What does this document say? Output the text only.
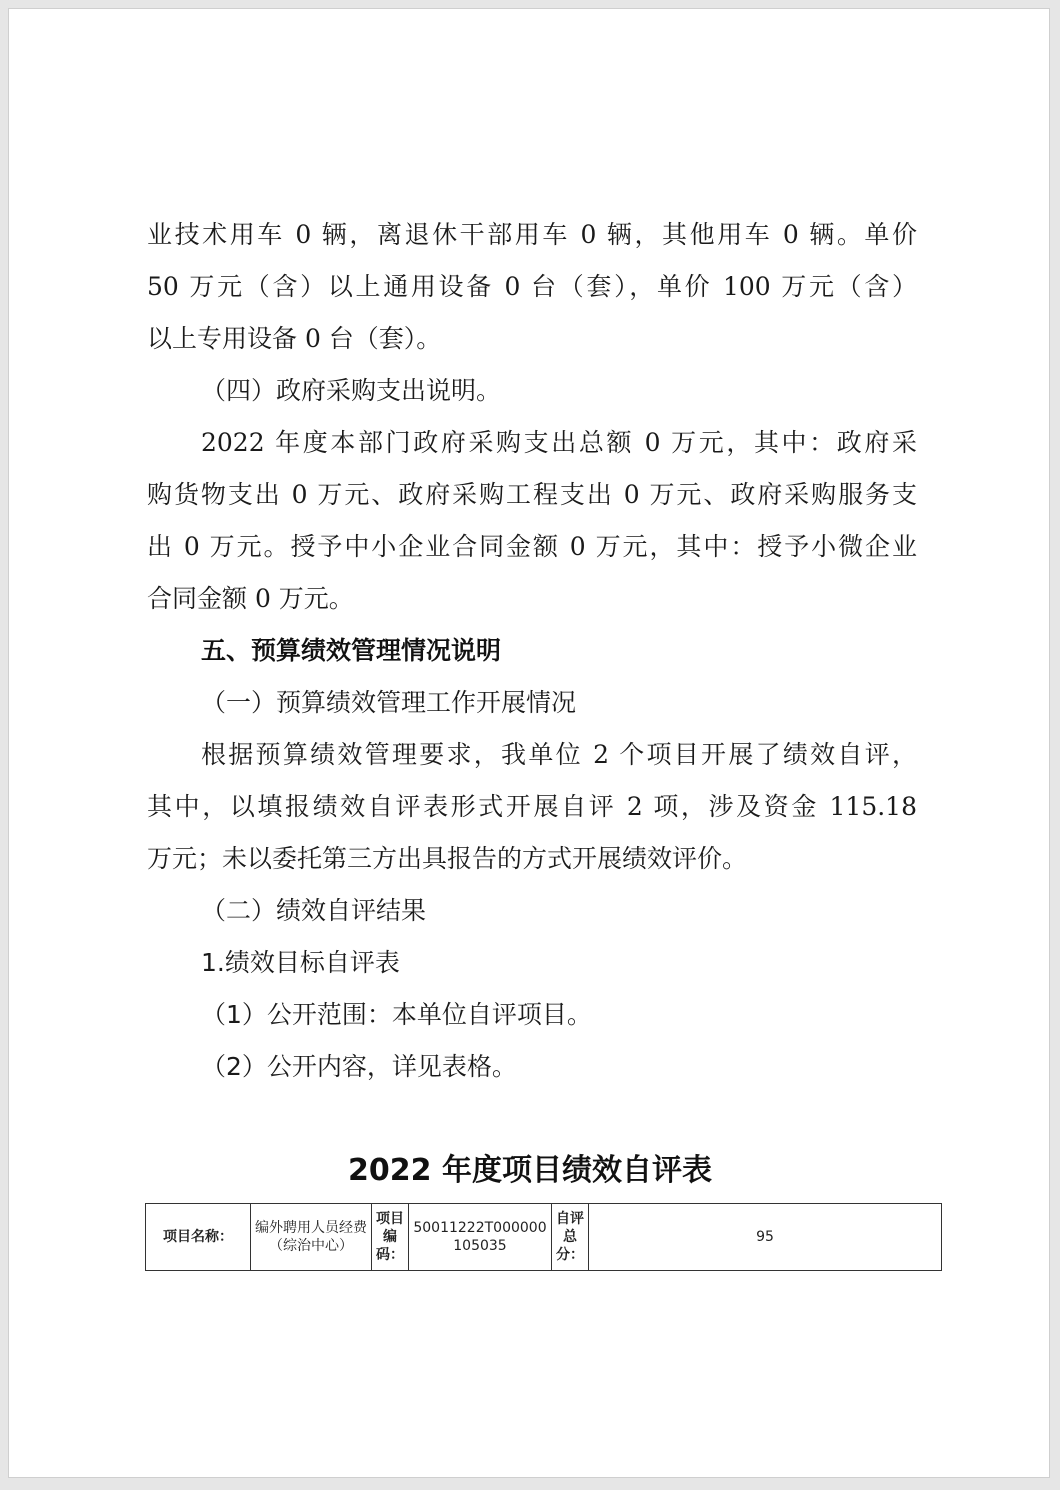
业技术用车 0 辆，离退休干部用车 0 辆，其他用车 0 辆。单价
50 万元（含）以上通用设备 0 台（套），单价 100 万元（含）
以上专用设备 0 台（套）。
（四）政府采购支出说明。
2022 年度本部门政府采购支出总额 0 万元，其中：政府采
购货物支出 0 万元、政府采购工程支出 0 万元、政府采购服务支
出 0 万元。授予中小企业合同金额 0 万元，其中：授予小微企业
合同金额 0 万元。
五、预算绩效管理情况说明
（一）预算绩效管理工作开展情况
根据预算绩效管理要求，我单位 2 个项目开展了绩效自评，
其中，以填报绩效自评表形式开展自评 2 项，涉及资金 115.18
万元；未以委托第三方出具报告的方式开展绩效评价。
（二）绩效自评结果
1.绩效目标自评表
（1）公开范围：本单位自评项目。
（2）公开内容，详见表格。
2022 年度项目绩效自评表
项目名称：	编外聘用人员经费（综治中心）	项目编码：	50011222T000000105035	自评总分：	95
